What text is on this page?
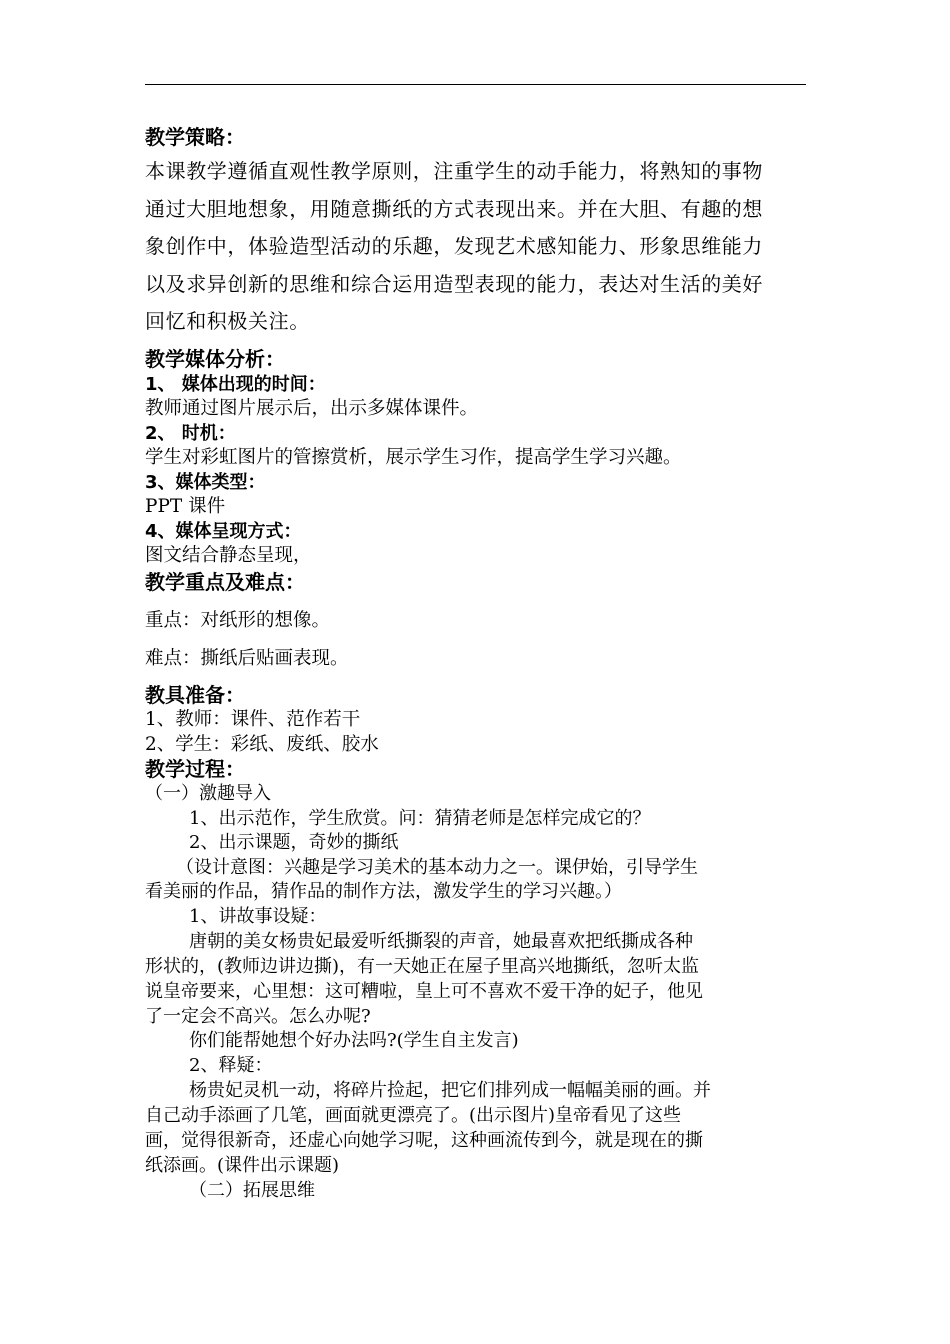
教学策略：
本课教学遵循直观性教学原则，注重学生的动手能力，将熟知的事物
通过大胆地想象，用随意撕纸的方式表现出来。并在大胆、有趣的想
象创作中，体验造型活动的乐趣，发现艺术感知能力、形象思维能力
以及求异创新的思维和综合运用造型表现的能力，表达对生活的美好
回忆和积极关注。
教学媒体分析：
1、 媒体出现的时间：
教师通过图片展示后，出示多媒体课件。
2、 时机：
学生对彩虹图片的管擦赏析，展示学生习作，提高学生学习兴趣。
3、媒体类型：
PPT 课件
4、媒体呈现方式：
图文结合静态呈现，
教学重点及难点：
重点：对纸形的想像。
难点：撕纸后贴画表现。
教具准备：
1、教师：课件、范作若干
2、学生：彩纸、废纸、胶水
教学过程：
（一）激趣导入
1、出示范作，学生欣赏。问：猜猜老师是怎样完成它的？
2、出示课题，奇妙的撕纸
（设计意图：兴趣是学习美术的基本动力之一。课伊始，引导学生
看美丽的作品，猜作品的制作方法，激发学生的学习兴趣。）
1、讲故事设疑：
唐朝的美女杨贵妃最爱听纸撕裂的声音，她最喜欢把纸撕成各种
形状的，(教师边讲边撕)，有一天她正在屋子里高兴地撕纸，忽听太监
说皇帝要来，心里想：这可糟啦，皇上可不喜欢不爱干净的妃子，他见
了一定会不高兴。怎么办呢?
你们能帮她想个好办法吗?(学生自主发言)
2、释疑：
杨贵妃灵机一动，将碎片捡起，把它们排列成一幅幅美丽的画。并
自己动手添画了几笔，画面就更漂亮了。(出示图片)皇帝看见了这些
画，觉得很新奇，还虚心向她学习呢，这种画流传到今，就是现在的撕
纸添画。(课件出示课题)
（二）拓展思维
